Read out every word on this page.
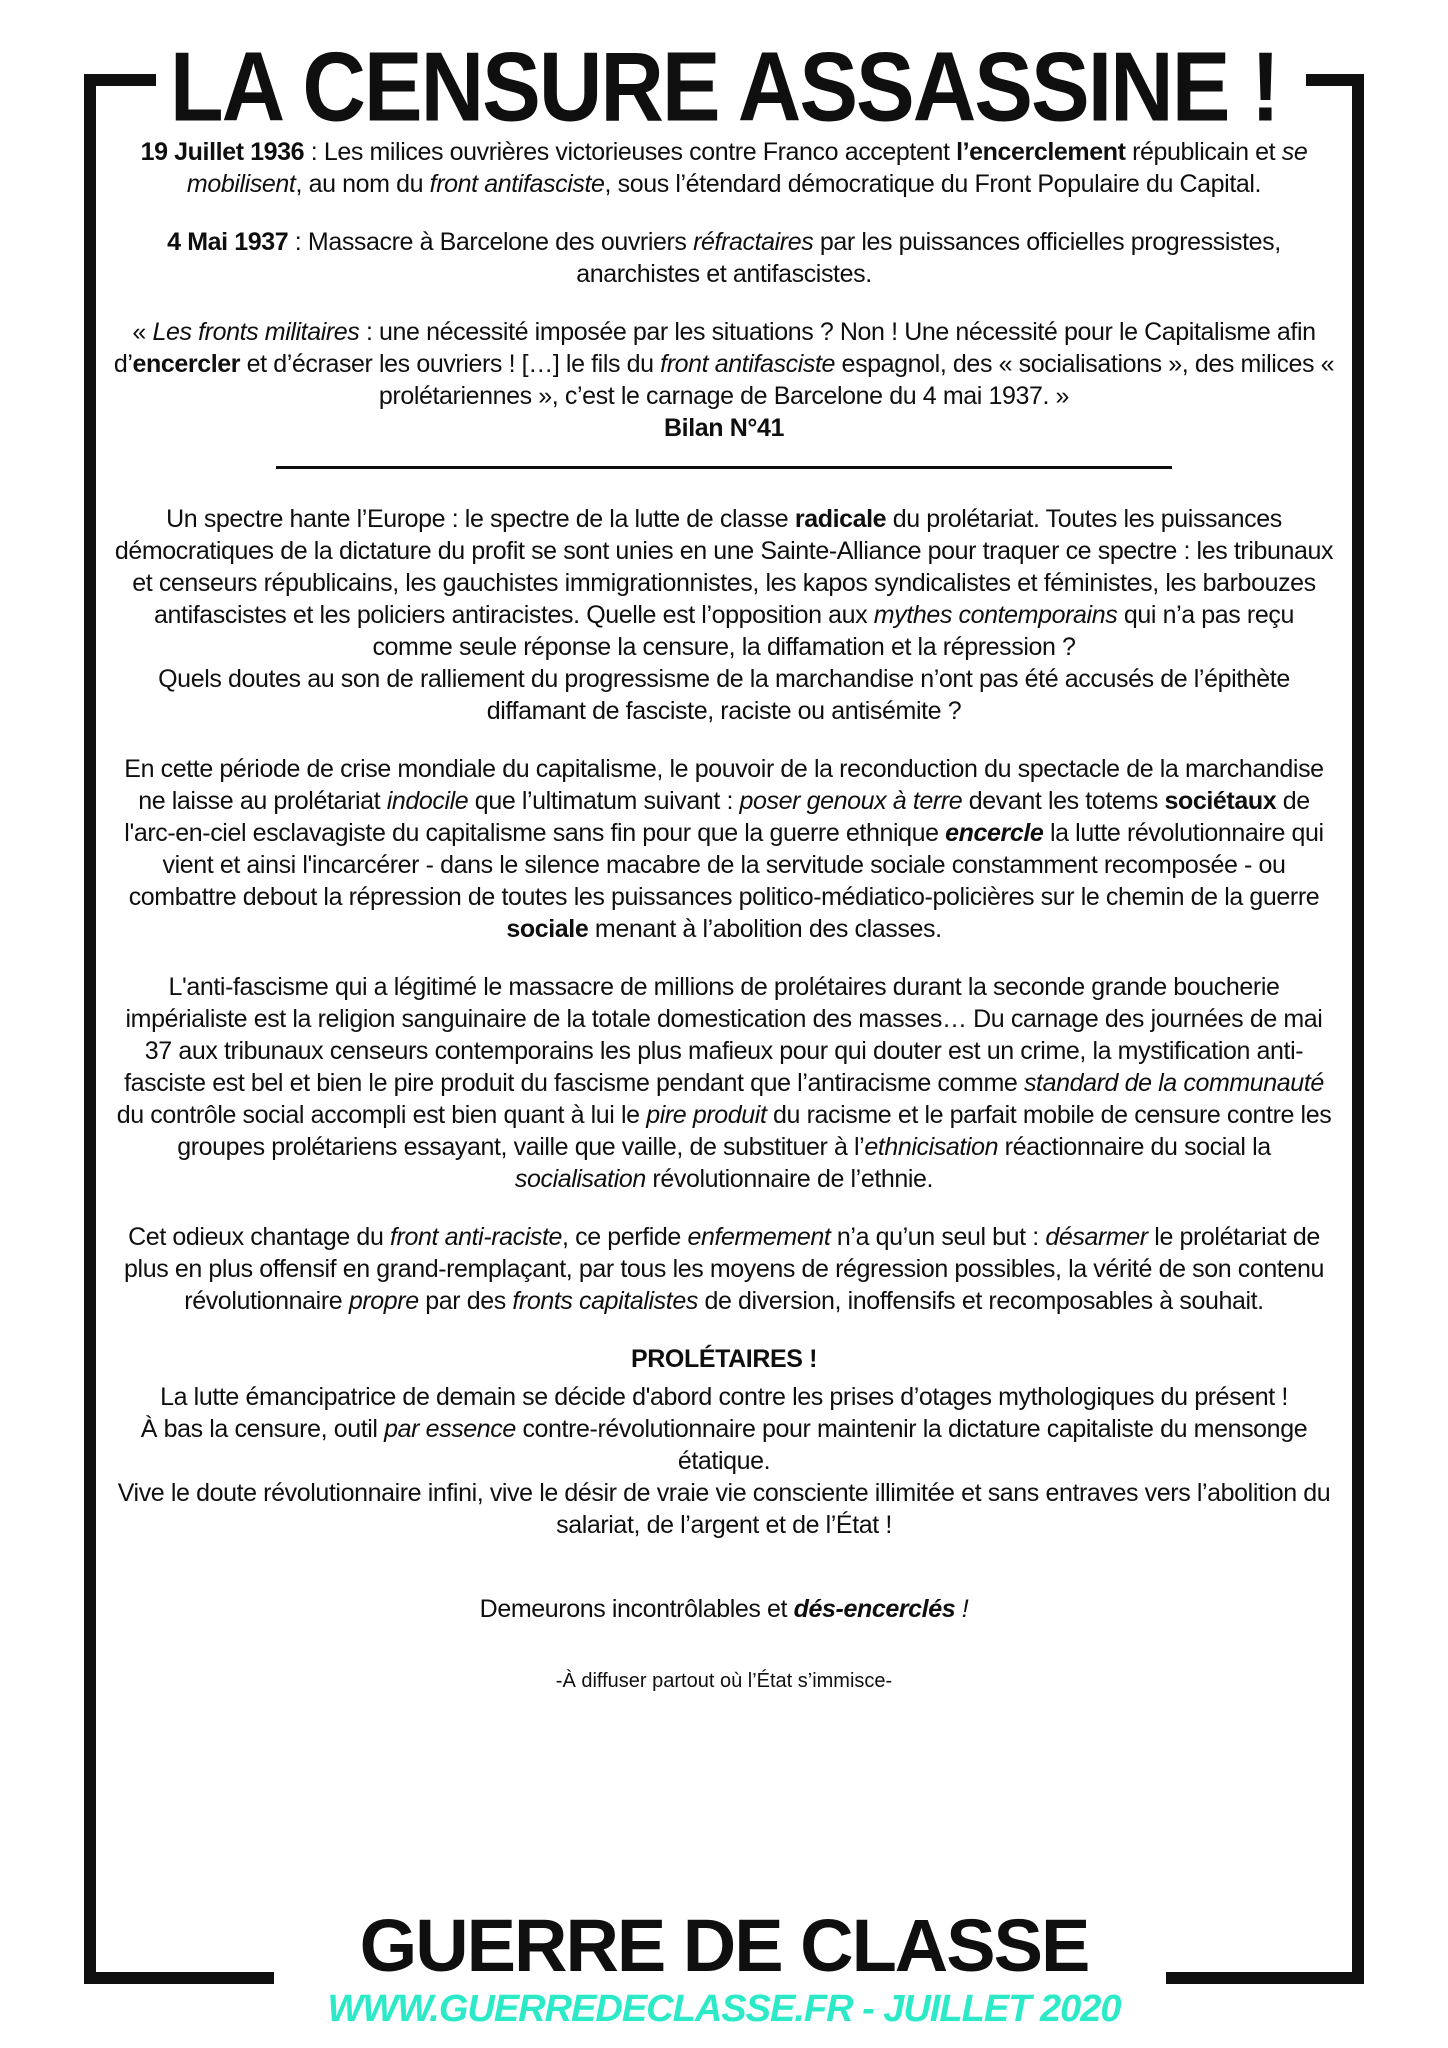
LA CENSURE ASSASSINE !

19 Juillet 1936 : Les milices ouvrières victorieuses contre Franco acceptent l’encerclement républicain et se mobilisent, au nom du front antifasciste, sous l’étendard démocratique du Front Populaire du Capital.

4 Mai 1937 : Massacre à Barcelone des ouvriers réfractaires par les puissances officielles progressistes, anarchistes et antifascistes.

« Les fronts militaires : une nécessité imposée par les situations ? Non ! Une nécessité pour le Capitalisme afin d’encercler et d’écraser les ouvriers ! […] le fils du front antifasciste espagnol, des « socialisations », des milices « prolétariennes », c’est le carnage de Barcelone du 4 mai 1937. »

Bilan N°41

Un spectre hante l’Europe : le spectre de la lutte de classe radicale du prolétariat. Toutes les puissances démocratiques de la dictature du profit se sont unies en une Sainte-Alliance pour traquer ce spectre : les tribunaux et censeurs républicains, les gauchistes immigrationnistes, les kapos syndicalistes et féministes, les barbouzes antifascistes et les policiers antiracistes. Quelle est l’opposition aux mythes contemporains qui n’a pas reçu comme seule réponse la censure, la diffamation et la répression ?
Quels doutes au son de ralliement du progressisme de la marchandise n’ont pas été accusés de l’épithète diffamant de fasciste, raciste ou antisémite ?

En cette période de crise mondiale du capitalisme, le pouvoir de la reconduction du spectacle de la marchandise ne laisse au prolétariat indocile que l’ultimatum suivant : poser genoux à terre devant les totems sociétaux de l'arc-en-ciel esclavagiste du capitalisme sans fin pour que la guerre ethnique encercle la lutte révolutionnaire qui vient et ainsi l'incarcérer - dans le silence macabre de la servitude sociale constamment recomposée - ou combattre debout la répression de toutes les puissances politico-médiatico-policières sur le chemin de la guerre sociale menant à l’abolition des classes.

L'anti-fascisme qui a légitimé le massacre de millions de prolétaires durant la seconde grande boucherie impérialiste est la religion sanguinaire de la totale domestication des masses… Du carnage des journées de mai 37 aux tribunaux censeurs contemporains les plus mafieux pour qui douter est un crime, la mystification anti- fasciste est bel et bien le pire produit du fascisme pendant que l’antiracisme comme standard de la communauté du contrôle social accompli est bien quant à lui le pire produit du racisme et le parfait mobile de censure contre les groupes prolétariens essayant, vaille que vaille, de substituer à l’ethnicisation réactionnaire du social la socialisation révolutionnaire de l’ethnie.

Cet odieux chantage du front anti-raciste, ce perfide enfermement n’a qu’un seul but : désarmer le prolétariat de plus en plus offensif en grand-remplaçant, par tous les moyens de régression possibles, la vérité de son contenu révolutionnaire propre par des fronts capitalistes de diversion, inoffensifs et recomposables à souhait.

PROLÉTAIRES !

La lutte émancipatrice de demain se décide d'abord contre les prises d’otages mythologiques du présent !
À bas la censure, outil par essence contre-révolutionnaire pour maintenir la dictature capitaliste du mensonge étatique.
Vive le doute révolutionnaire infini, vive le désir de vraie vie consciente illimitée et sans entraves vers l’abolition du salariat, de l’argent et de l’État !

Demeurons incontrôlables et dés-encerclés !

-À diffuser partout où l’État s’immisce-

GUERRE DE CLASSE
WWW.GUERREDECLASSE.FR - JUILLET 2020
